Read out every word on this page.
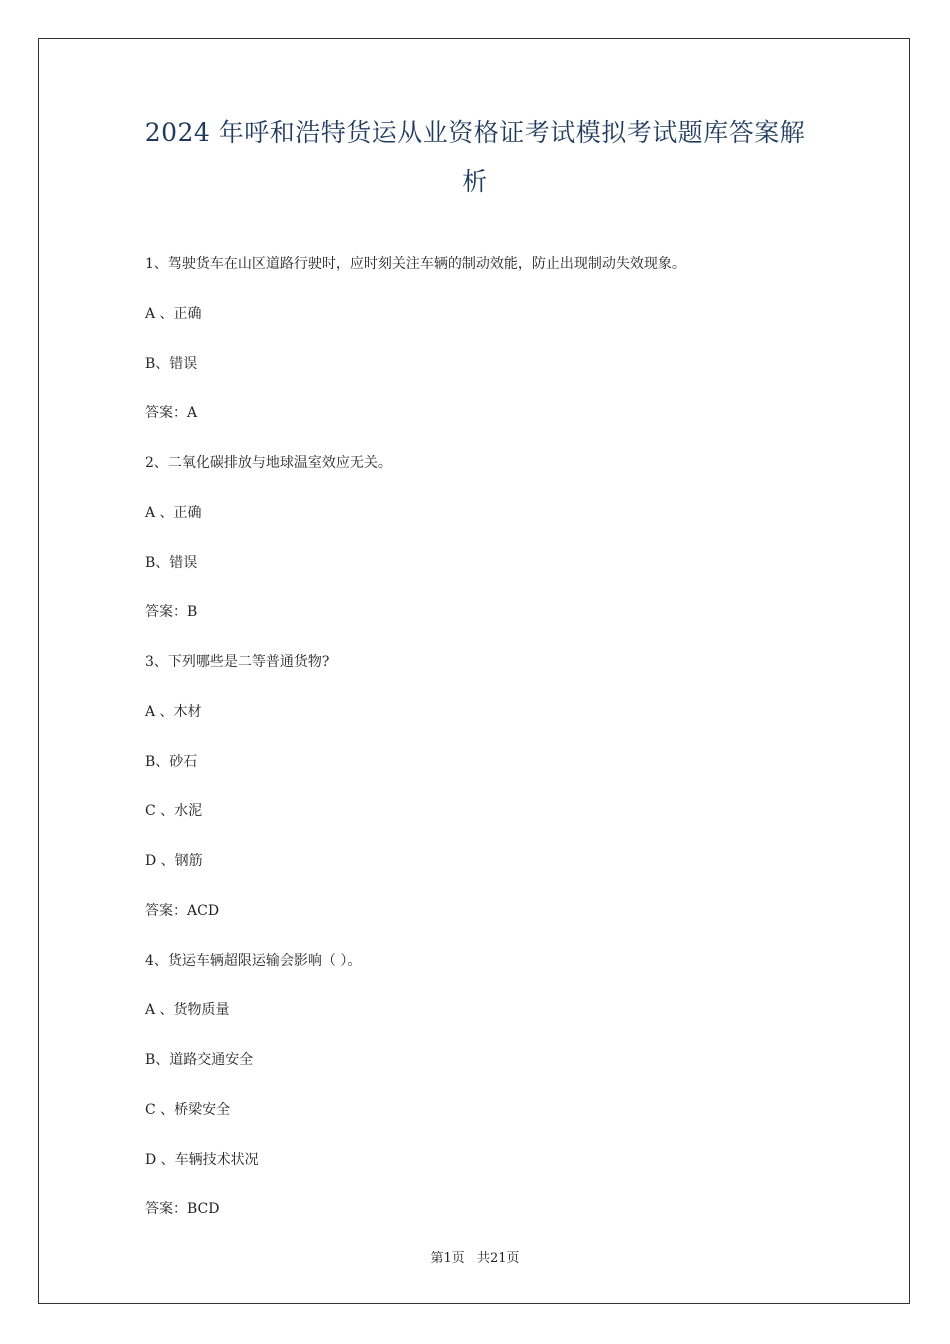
2024 年呼和浩特货运从业资格证考试模拟考试题库答案解
析
1、驾驶货车在山区道路行驶时，应时刻关注车辆的制动效能，防止出现制动失效现象。
A 、正确
B、错误
答案：A
2、二氧化碳排放与地球温室效应无关。
A 、正确
B、错误
答案：B
3、下列哪些是二等普通货物?
A 、木材
B、砂石
C 、水泥
D 、钢筋
答案：ACD
4、货运车辆超限运输会影响（ ）。
A 、货物质量
B、道路交通安全
C 、桥梁安全
D 、车辆技术状况
答案：BCD
第1页 共21页
